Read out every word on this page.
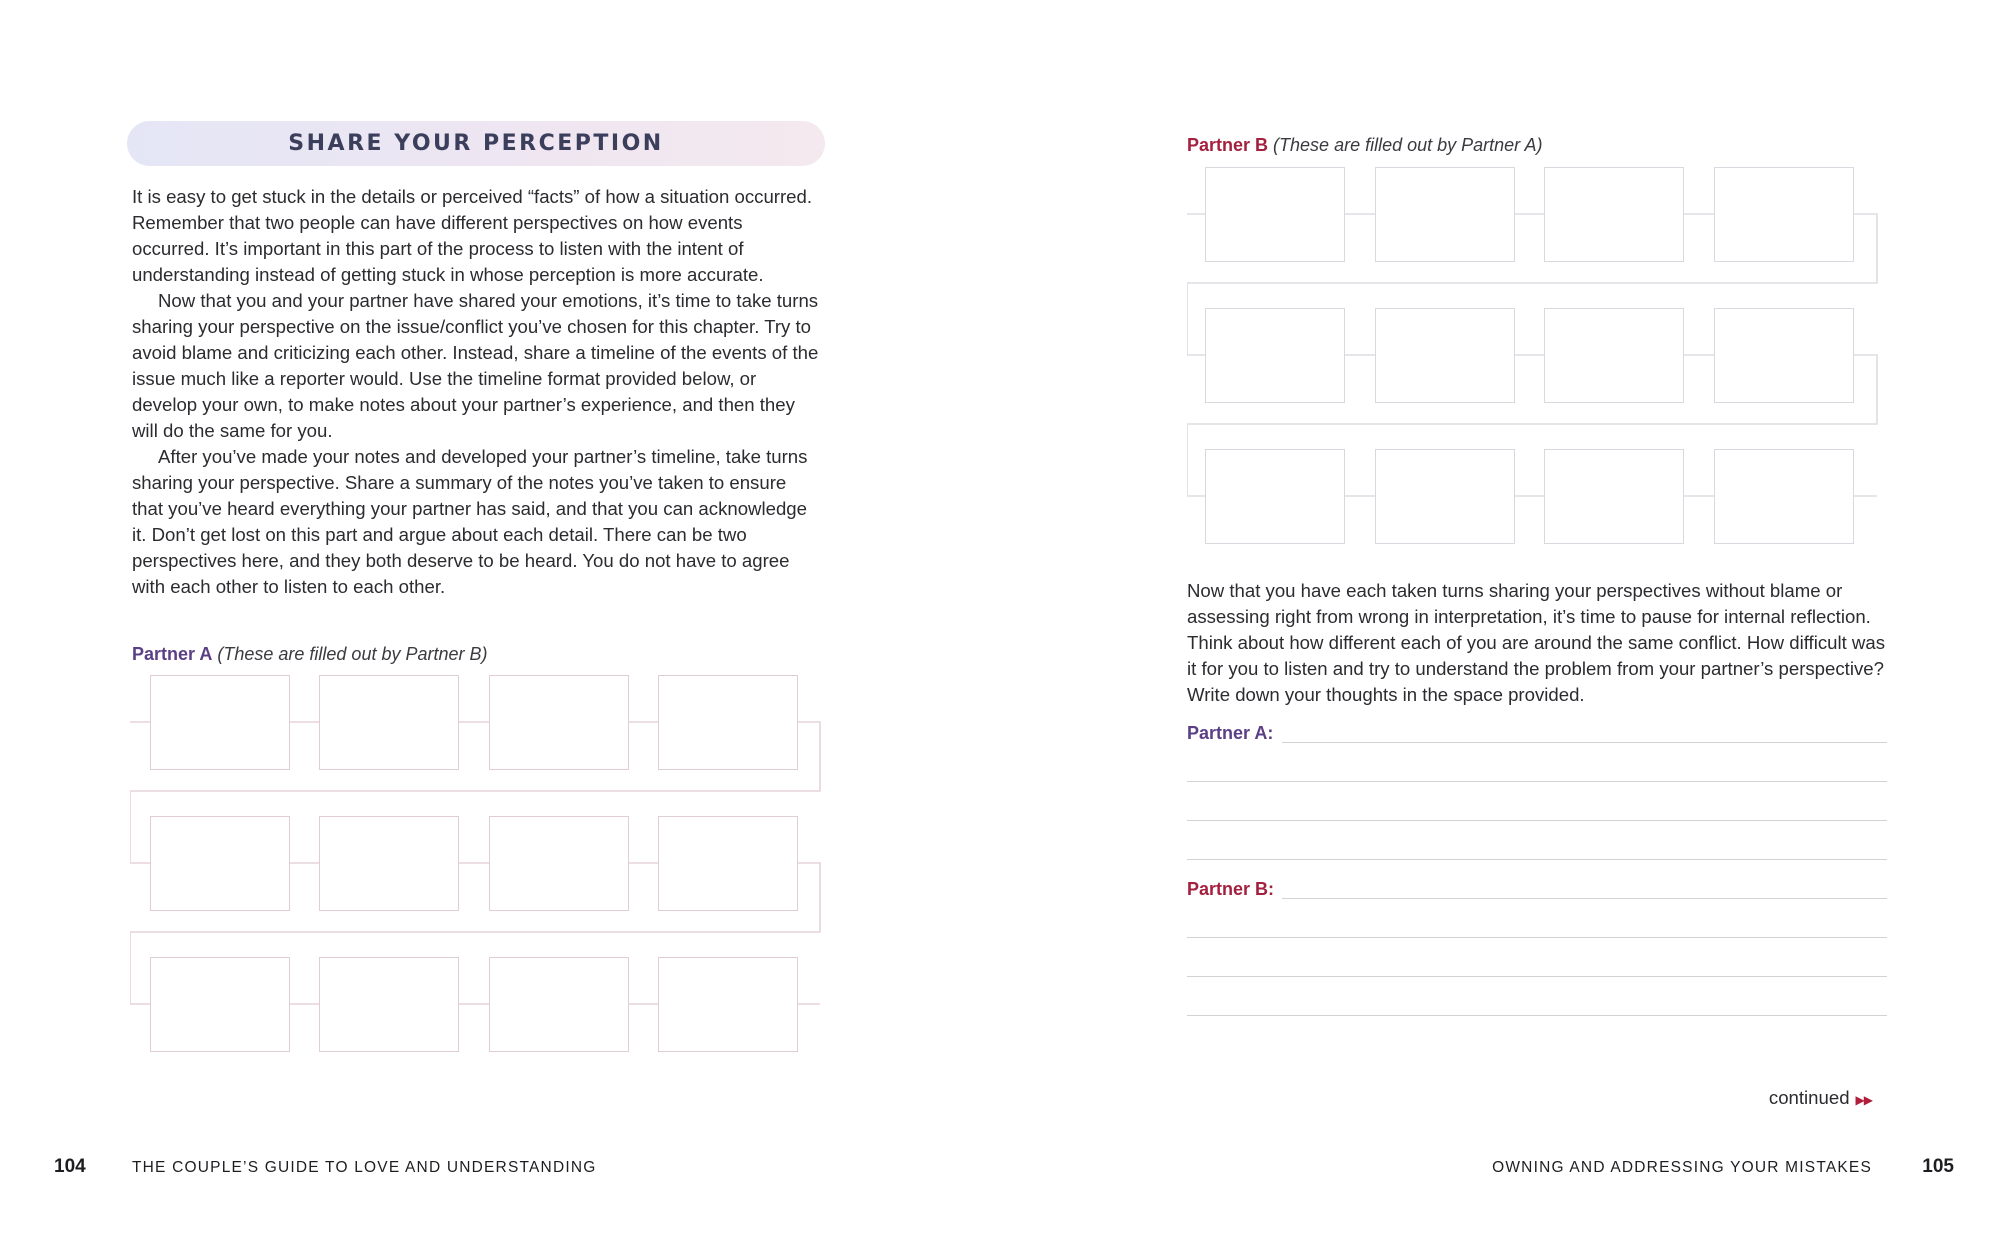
SHARE YOUR PERCEPTION

It is easy to get stuck in the details or perceived “facts” of how a situation occurred. Remember that two people can have different perspectives on how events occurred. It’s important in this part of the process to listen with the intent of understanding instead of getting stuck in whose perception is more accurate.

Now that you and your partner have shared your emotions, it’s time to take turns sharing your perspective on the issue/conflict you’ve chosen for this chapter. Try to avoid blame and criticizing each other. Instead, share a timeline of the events of the issue much like a reporter would. Use the timeline format provided below, or develop your own, to make notes about your partner’s experience, and then they will do the same for you.

After you’ve made your notes and developed your partner’s timeline, take turns sharing your perspective. Share a summary of the notes you’ve taken to ensure that you’ve heard everything your partner has said, and that you can acknowledge it. Don’t get lost on this part and argue about each detail. There can be two perspectives here, and they both deserve to be heard. You do not have to agree with each other to listen to each other.

Partner A (These are filled out by Partner B)
104	THE COUPLE’S GUIDE TO LOVE AND UNDERSTANDING
Partner B (These are filled out by Partner A)
Now that you have each taken turns sharing your perspectives without blame or assessing right from wrong in interpretation, it’s time to pause for internal reflection. Think about how different each of you are around the same conflict. How difficult was it for you to listen and try to understand the problem from your partner’s perspective? Write down your thoughts in the space provided.
Partner A:
Partner B:
continued ▶▶
OWNING AND ADDRESSING YOUR MISTAKES	105
